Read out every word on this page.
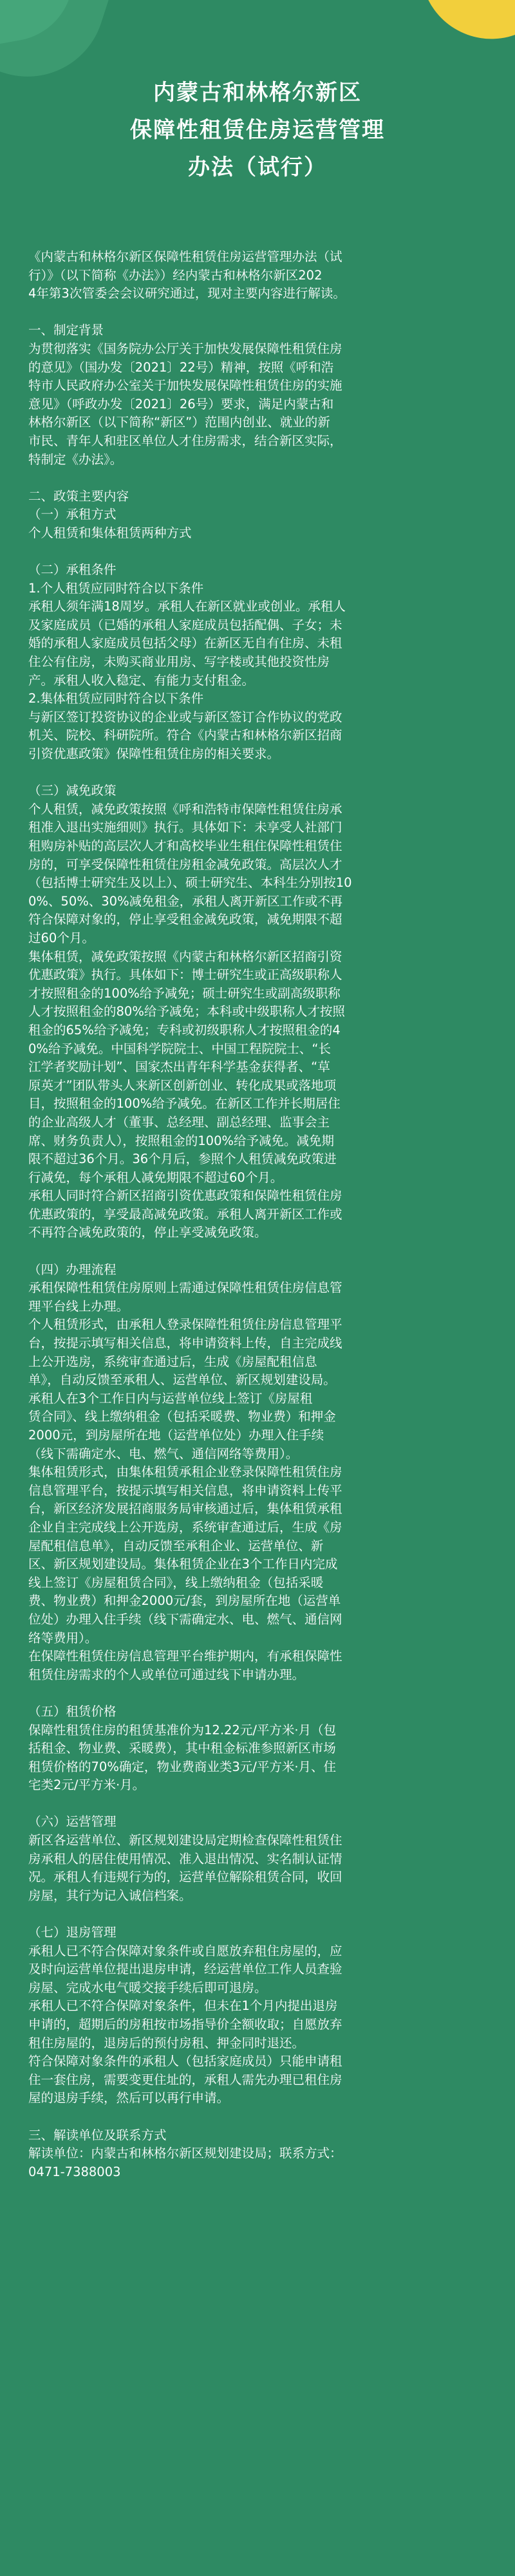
内蒙古和林格尔新区
保障性租赁住房运营管理
办法（试行）
《内蒙古和林格尔新区保障性租赁住房运营管理办法（试
行）》（以下简称《办法》）经内蒙古和林格尔新区202
4年第3次管委会会议研究通过，现对主要内容进行解读。
一、制定背景
为贯彻落实《国务院办公厅关于加快发展保障性租赁住房
的意见》（国办发〔2021〕22号）精神，按照《呼和浩
特市人民政府办公室关于加快发展保障性租赁住房的实施
意见》（呼政办发〔2021〕26号）要求，满足内蒙古和
林格尔新区（以下简称“新区”）范围内创业、就业的新
市民、青年人和驻区单位人才住房需求，结合新区实际，
特制定《办法》。
二、政策主要内容
（一）承租方式
个人租赁和集体租赁两种方式
（二）承租条件
1.个人租赁应同时符合以下条件
承租人须年满18周岁。承租人在新区就业或创业。承租人
及家庭成员（已婚的承租人家庭成员包括配偶、子女；未
婚的承租人家庭成员包括父母）在新区无自有住房、未租
住公有住房，未购买商业用房、写字楼或其他投资性房
产。承租人收入稳定、有能力支付租金。
2.集体租赁应同时符合以下条件
与新区签订投资协议的企业或与新区签订合作协议的党政
机关、院校、科研院所。符合《内蒙古和林格尔新区招商
引资优惠政策》保障性租赁住房的相关要求。
（三）减免政策
个人租赁，减免政策按照《呼和浩特市保障性租赁住房承
租准入退出实施细则》执行。具体如下：未享受人社部门
租购房补贴的高层次人才和高校毕业生租住保障性租赁住
房的，可享受保障性租赁住房租金减免政策。高层次人才
（包括博士研究生及以上）、硕士研究生、本科生分别按10
0%、50%、30%减免租金，承租人离开新区工作或不再
符合保障对象的，停止享受租金减免政策，减免期限不超
过60个月。
集体租赁，减免政策按照《内蒙古和林格尔新区招商引资
优惠政策》执行。具体如下：博士研究生或正高级职称人
才按照租金的100%给予减免；硕士研究生或副高级职称
人才按照租金的80%给予减免；本科或中级职称人才按照
租金的65%给予减免；专科或初级职称人才按照租金的4
0%给予减免。中国科学院院士、中国工程院院士、“长
江学者奖励计划”、国家杰出青年科学基金获得者、“草
原英才”团队带头人来新区创新创业、转化成果或落地项
目，按照租金的100%给予减免。在新区工作并长期居住
的企业高级人才（董事、总经理、副总经理、监事会主
席、财务负责人），按照租金的100%给予减免。减免期
限不超过36个月。36个月后，参照个人租赁减免政策进
行减免，每个承租人减免期限不超过60个月。
承租人同时符合新区招商引资优惠政策和保障性租赁住房
优惠政策的，享受最高减免政策。承租人离开新区工作或
不再符合减免政策的，停止享受减免政策。
（四）办理流程
承租保障性租赁住房原则上需通过保障性租赁住房信息管
理平台线上办理。
个人租赁形式，由承租人登录保障性租赁住房信息管理平
台，按提示填写相关信息，将申请资料上传，自主完成线
上公开选房，系统审查通过后，生成《房屋配租信息
单》，自动反馈至承租人、运营单位、新区规划建设局。
承租人在3个工作日内与运营单位线上签订《房屋租
赁合同》、线上缴纳租金（包括采暖费、物业费）和押金
2000元，到房屋所在地（运营单位处）办理入住手续
（线下需确定水、电、燃气、通信网络等费用）。
集体租赁形式，由集体租赁承租企业登录保障性租赁住房
信息管理平台，按提示填写相关信息，将申请资料上传平
台，新区经济发展招商服务局审核通过后，集体租赁承租
企业自主完成线上公开选房，系统审查通过后，生成《房
屋配租信息单》，自动反馈至承租企业、运营单位、新
区、新区规划建设局。集体租赁企业在3个工作日内完成
线上签订《房屋租赁合同》，线上缴纳租金（包括采暖
费、物业费）和押金2000元/套，到房屋所在地（运营单
位处）办理入住手续（线下需确定水、电、燃气、通信网
络等费用）。
在保障性租赁住房信息管理平台维护期内，有承租保障性
租赁住房需求的个人或单位可通过线下申请办理。
（五）租赁价格
保障性租赁住房的租赁基准价为12.22元/平方米·月（包
括租金、物业费、采暖费），其中租金标准参照新区市场
租赁价格的70%确定，物业费商业类3元/平方米·月、住
宅类2元/平方米·月。
（六）运营管理
新区各运营单位、新区规划建设局定期检查保障性租赁住
房承租人的居住使用情况、准入退出情况、实名制认证情
况。承租人有违规行为的，运营单位解除租赁合同，收回
房屋，其行为记入诚信档案。
（七）退房管理
承租人已不符合保障对象条件或自愿放弃租住房屋的，应
及时向运营单位提出退房申请，经运营单位工作人员查验
房屋、完成水电气暖交接手续后即可退房。
承租人已不符合保障对象条件，但未在1个月内提出退房
申请的，超期后的房租按市场指导价全额收取；自愿放弃
租住房屋的，退房后的预付房租、押金同时退还。
符合保障对象条件的承租人（包括家庭成员）只能申请租
住一套住房，需要变更住址的，承租人需先办理已租住房
屋的退房手续，然后可以再行申请。
三、解读单位及联系方式
解读单位：内蒙古和林格尔新区规划建设局；联系方式：
0471-7388003
